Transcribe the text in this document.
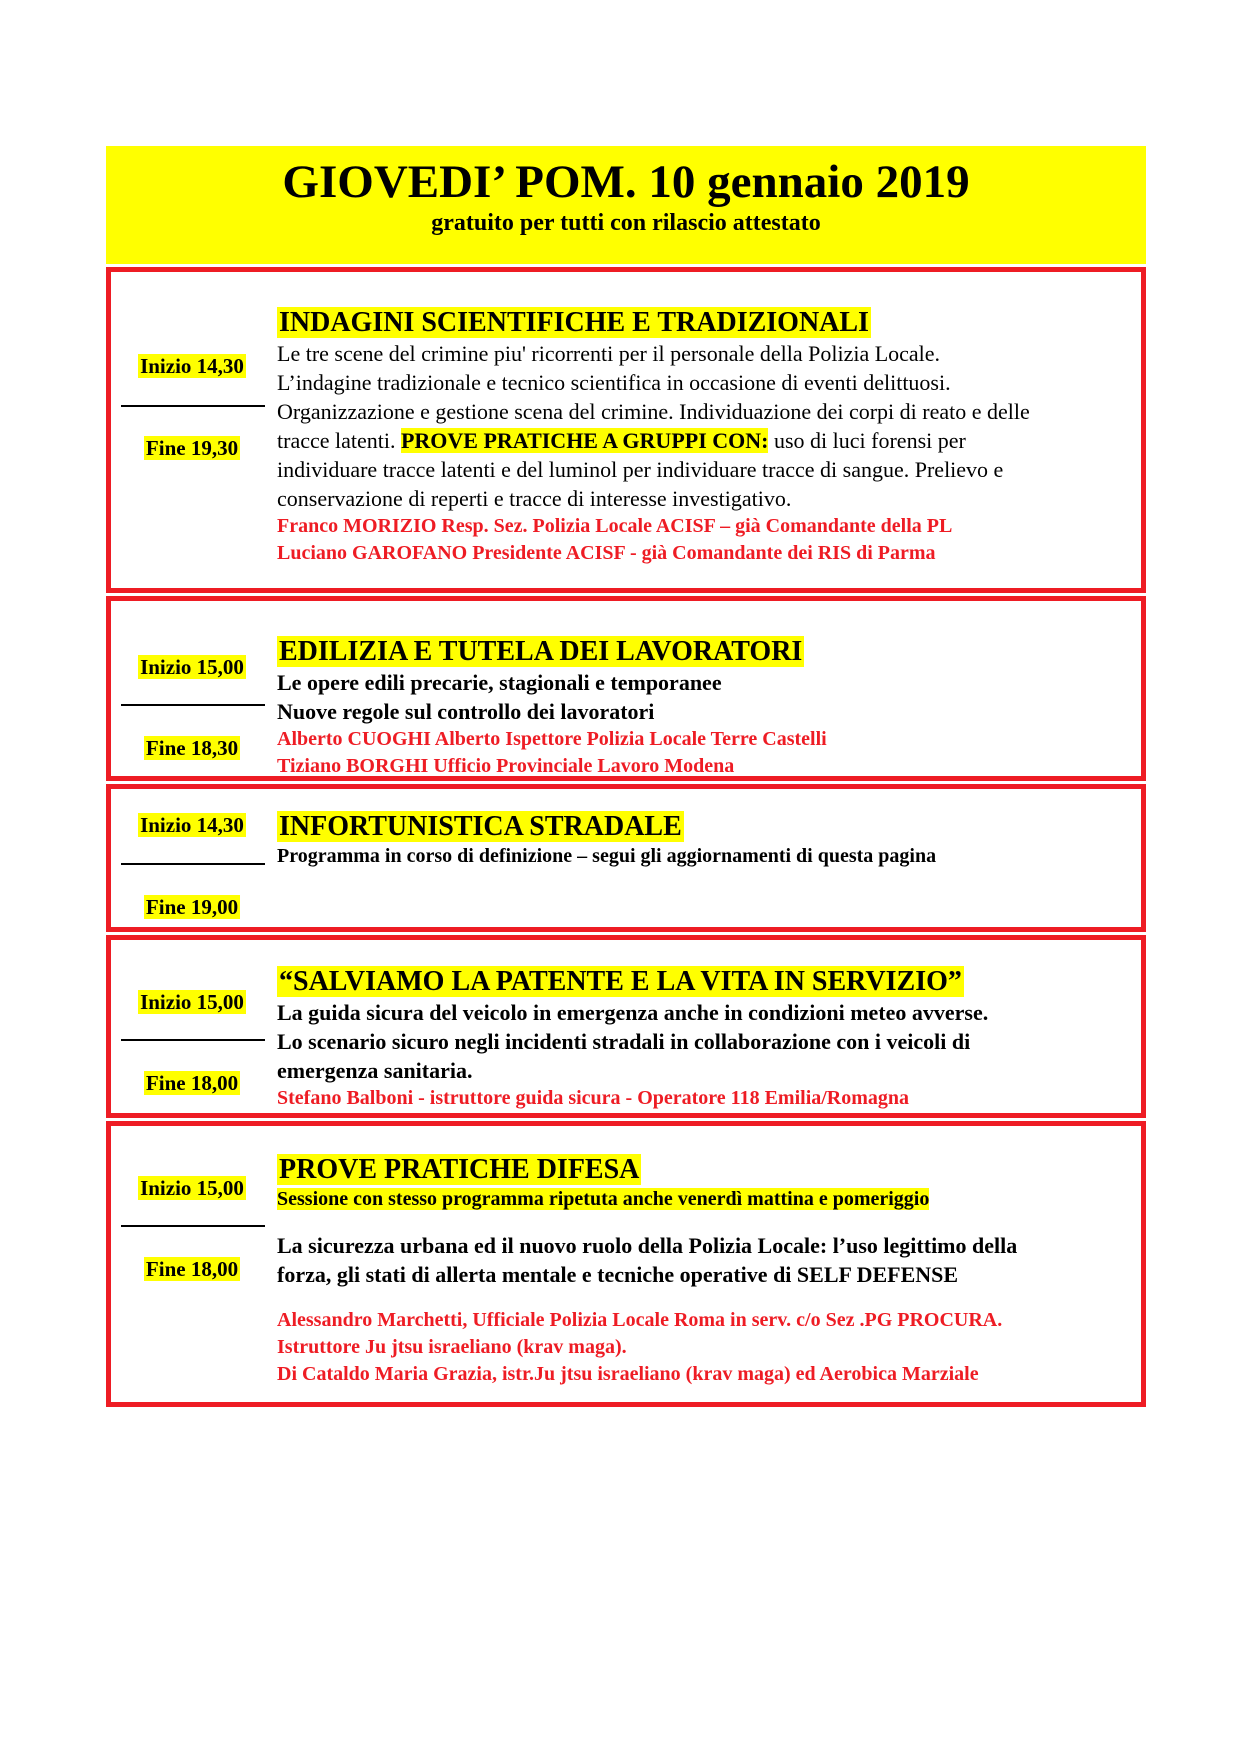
GIOVEDI’ POM. 10 gennaio 2019
gratuito per tutti con rilascio attestato
Inizio 14,30
Fine 19,30

INDAGINI SCIENTIFICHE E TRADIZIONALI

Le tre scene del crimine piu' ricorrenti per il personale della Polizia Locale.

L’indagine tradizionale e tecnico scientifica in occasione di eventi delittuosi.

Organizzazione e gestione scena del crimine. Individuazione dei corpi di reato e delle

tracce latenti. PROVE PRATICHE A GRUPPI CON: uso di luci forensi per

individuare tracce latenti e del luminol per individuare tracce di sangue. Prelievo e

conservazione di reperti e tracce di interesse investigativo.

Franco MORIZIO Resp. Sez. Polizia Locale ACISF – già Comandante della PL

Luciano GAROFANO Presidente ACISF - già Comandante dei RIS di Parma

Inizio 15,00
Fine 18,30

EDILIZIA E TUTELA DEI LAVORATORI

Le opere edili precarie, stagionali e temporanee

Nuove regole sul controllo dei lavoratori

Alberto CUOGHI Alberto Ispettore Polizia Locale Terre Castelli

Tiziano BORGHI Ufficio Provinciale Lavoro Modena

Inizio 14,30
Fine 19,00

INFORTUNISTICA STRADALE

Programma in corso di definizione – segui gli aggiornamenti di questa pagina

Inizio 15,00
Fine 18,00

“SALVIAMO LA PATENTE E LA VITA IN SERVIZIO”

La guida sicura del veicolo in emergenza anche in condizioni meteo avverse.

Lo scenario sicuro negli incidenti stradali in collaborazione con i veicoli di

emergenza sanitaria.

Stefano Balboni - istruttore guida sicura - Operatore 118 Emilia/Romagna

Inizio 15,00
Fine 18,00

PROVE PRATICHE DIFESA

Sessione con stesso programma ripetuta anche venerdì mattina e pomeriggio

La sicurezza urbana ed il nuovo ruolo della Polizia Locale: l’uso legittimo della

forza, gli stati di allerta mentale e tecniche operative di SELF DEFENSE

Alessandro Marchetti, Ufficiale Polizia Locale Roma in serv. c/o Sez .PG PROCURA.

Istruttore Ju jtsu israeliano (krav maga).

Di Cataldo Maria Grazia, istr.Ju jtsu israeliano (krav maga) ed Aerobica Marziale
